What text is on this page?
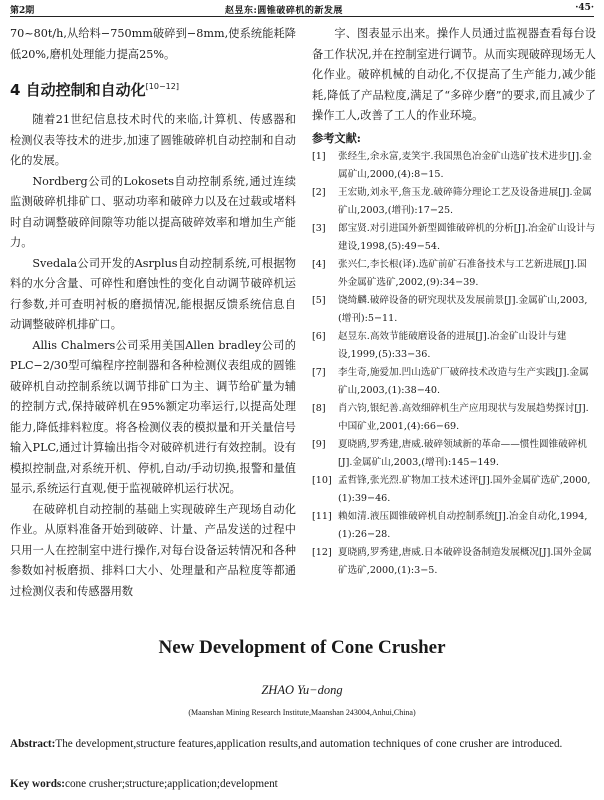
第2期	赵昱东:圆锥破碎机的新发展	·45·

70~80t/h,从给料−750mm破碎到−8mm,使系统能耗降低20%,磨机处理能力提高25%。

4 自动控制和自动化[10−12]

随着21世纪信息技术时代的来临,计算机、传感器和检测仪表等技术的进步,加速了圆锥破碎机自动控制和自动化的发展。

Nordberg公司的Lokosets自动控制系统,通过连续监测破碎机排矿口、驱动功率和破碎力以及在过载或堵料时自动调整破碎间隙等功能以提高破碎效率和增加生产能力。

Svedala公司开发的Asrplus自动控制系统,可根据物料的水分含量、可碎性和磨蚀性的变化自动调节破碎机运行参数,并可查明衬板的磨损情况,能根据反馈系统信息自动调整破碎机排矿口。

Allis Chalmers公司采用美国Allen bradley公司的PLC−2/30型可编程序控制器和各种检测仪表组成的圆锥破碎机自动控制系统以调节排矿口为主、调节给矿量为辅的控制方式,保持破碎机在95%额定功率运行,以提高处理能力,降低排料粒度。将各检测仪表的模拟量和开关量信号输入PLC,通过计算输出指令对破碎机进行有效控制。设有模拟控制盘,对系统开机、停机,自动/手动切换,报警和量值显示,系统运行直观,便于监视破碎机运行状况。

在破碎机自动控制的基础上实现破碎生产现场自动化作业。从原料准备开始到破碎、计量、产品发送的过程中只用一人在控制室中进行操作,对每台设备运转情况和各种参数如衬板磨损、排料口大小、处理量和产品粒度等都通过检测仪表和传感器用数

字、图表显示出来。操作人员通过监视器查看每台设备工作状况,并在控制室进行调节。从而实现破碎现场无人化作业。破碎机械的自动化,不仅提高了生产能力,减少能耗,降低了产品粒度,满足了“多碎少磨”的要求,而且减少了操作工人,改善了工人的作业环境。

参考文献:
[1]	张经生,余永富,麦笑宇.我国黑色冶金矿山选矿技术进步[J].金属矿山,2000,(4):8−15.
[2]	王宏勋,刘永平,詹玉龙.破碎筛分理论工艺及设备进展[J].金属矿山,2003,(增刊):17−25.
[3]	郎宝贤.对引进国外新型圆锥破碎机的分析[J].冶金矿山设计与建设,1998,(5):49−54.
[4]	张兴仁,李长根(译).选矿前矿石准备技术与工艺新进展[J].国外金属矿选矿,2002,(9):34−39.
[5]	饶绮麟.破碎设备的研究现状及发展前景[J].金属矿山,2003,(增刊):5−11.
[6]	赵昱东.高效节能破磨设备的进展[J].冶金矿山设计与建设,1999,(5):33−36.
[7]	李生奇,施爱加.凹山选矿厂破碎技术改造与生产实践[J].金属矿山,2003,(1):38−40.
[8]	肖六钧,银纪善.高效细碎机生产应用现状与发展趋势探讨[J].中国矿业,2001,(4):66−69.
[9]	夏晓鸥,罗秀建,唐威.破碎领域新的革命——惯性圆锥破碎机[J].金属矿山,2003,(增刊):145−149.
[10] 孟哲锋,张光烈.矿物加工技术述评[J].国外金属矿选矿,2000,(1):39−46.
[11] 赖如清.液压圆锥破碎机自动控制系统[J].冶金自动化,1994,(1):26−28.
[12] 夏晓鸥,罗秀建,唐威.日本破碎设备制造发展概况[J].国外金属矿选矿,2000,(1):3−5.
New Development of Cone Crusher
ZHAO Yu−dong
(Maanshan Mining Research Institute,Maanshan 243004,Anhui,China)
Abstract:The development,structure features,application results,and automation techniques of cone crusher are introduced.
Key words:cone crusher;structure;application;development
